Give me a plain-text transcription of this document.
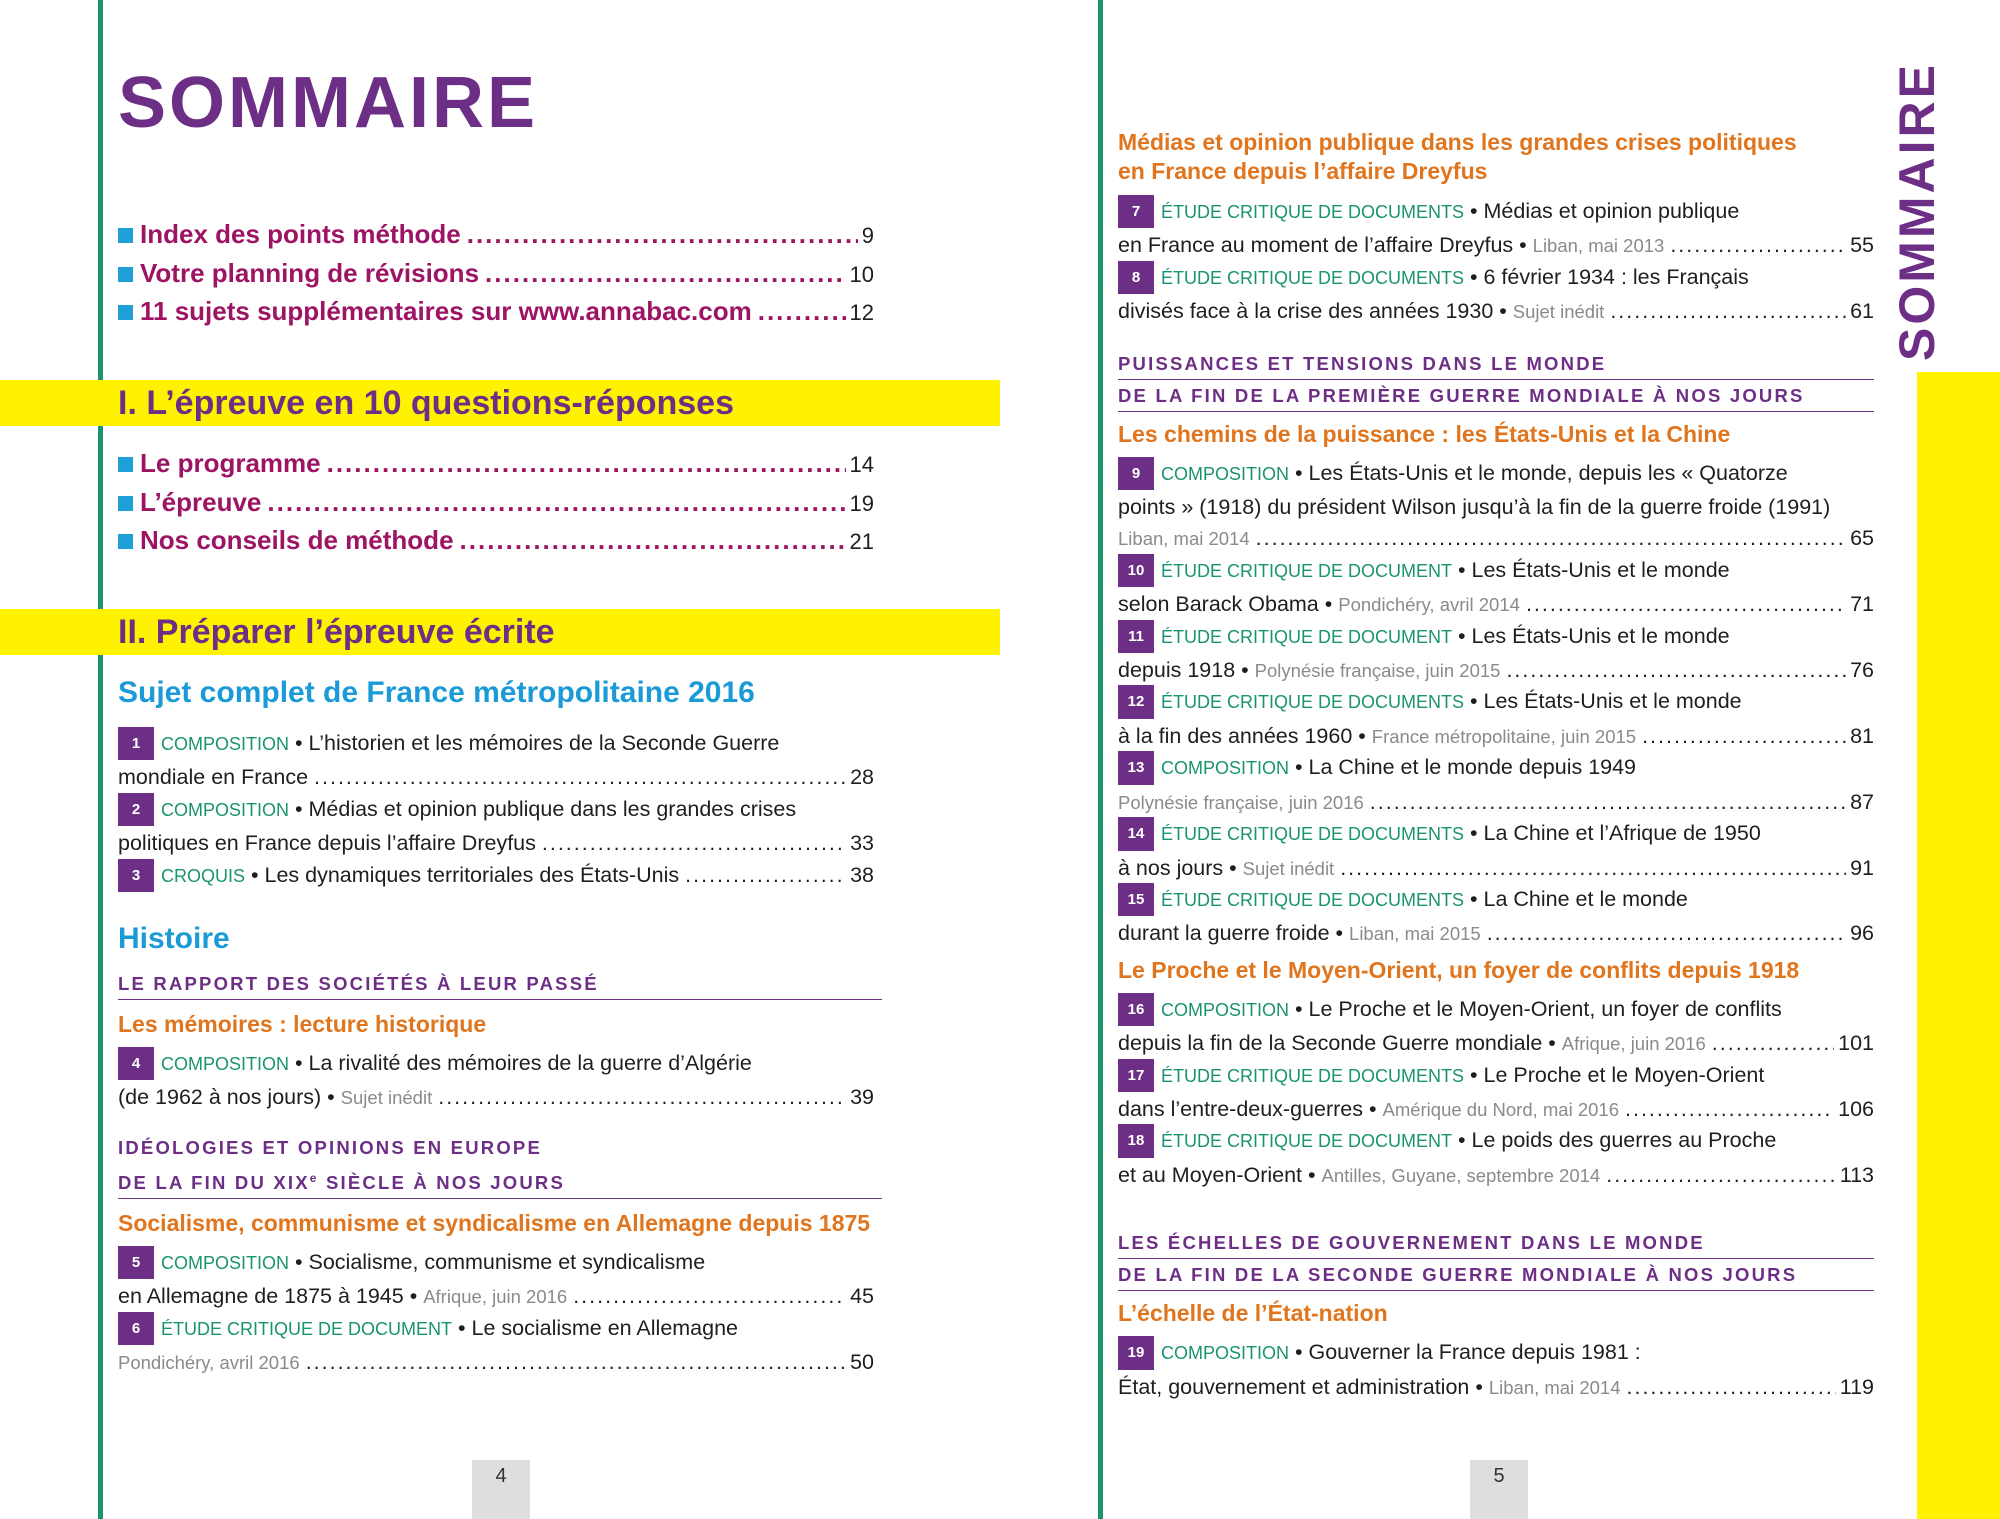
SOMMAIRE
Index des points méthode .....	9
Votre planning de révisions .....	10
11 sujets supplémentaires sur www.annabac.com .....	12
I. L’épreuve en 10 questions-réponses
Le programme .....	14
L’épreuve .....	19
Nos conseils de méthode .....	21
II. Préparer l’épreuve écrite
Sujet complet de France métropolitaine 2016
1	COMPOSITION • L’historien et les mémoires de la Seconde Guerre
mondiale en France .....	28
2	COMPOSITION • Médias et opinion publique dans les grandes crises
politiques en France depuis l’affaire Dreyfus .....	33
3	CROQUIS • Les dynamiques territoriales des États-Unis .....	38
Histoire
LE RAPPORT DES SOCIÉTÉS À LEUR PASSÉ
Les mémoires : lecture historique
4	COMPOSITION • La rivalité des mémoires de la guerre d’Algérie
(de 1962 à nos jours) • Sujet inédit .....	39
IDÉOLOGIES ET OPINIONS EN EUROPE
DE LA FIN DU XIXe SIÈCLE À NOS JOURS
Socialisme, communisme et syndicalisme en Allemagne depuis 1875
5	COMPOSITION • Socialisme, communisme et syndicalisme
en Allemagne de 1875 à 1945 • Afrique, juin 2016 .....	45
6	ÉTUDE CRITIQUE DE DOCUMENT • Le socialisme en Allemagne
Pondichéry, avril 2016 .....	50
4
Médias et opinion publique dans les grandes crises politiques
en France depuis l’affaire Dreyfus
7	ÉTUDE CRITIQUE DE DOCUMENTS • Médias et opinion publique
en France au moment de l’affaire Dreyfus • Liban, mai 2013 .....	55
8	ÉTUDE CRITIQUE DE DOCUMENTS • 6 février 1934 : les Français
divisés face à la crise des années 1930 • Sujet inédit .....	61
PUISSANCES ET TENSIONS DANS LE MONDE
DE LA FIN DE LA PREMIÈRE GUERRE MONDIALE À NOS JOURS
Les chemins de la puissance : les États-Unis et la Chine
9	COMPOSITION • Les États-Unis et le monde, depuis les « Quatorze
points » (1918) du président Wilson jusqu’à la fin de la guerre froide (1991)
Liban, mai 2014 .....	65
10 ÉTUDE CRITIQUE DE DOCUMENT • Les États-Unis et le monde
selon Barack Obama • Pondichéry, avril 2014 .....	71
11 ÉTUDE CRITIQUE DE DOCUMENT • Les États-Unis et le monde
depuis 1918 • Polynésie française, juin 2015 .....	76
12 ÉTUDE CRITIQUE DE DOCUMENTS • Les États-Unis et le monde
à la fin des années 1960 • France métropolitaine, juin 2015 .....	81
13 COMPOSITION • La Chine et le monde depuis 1949
Polynésie française, juin 2016 .....	87
14 ÉTUDE CRITIQUE DE DOCUMENTS • La Chine et l’Afrique de 1950
à nos jours • Sujet inédit .....	91
15 ÉTUDE CRITIQUE DE DOCUMENTS • La Chine et le monde
durant la guerre froide • Liban, mai 2015 .....	96
Le Proche et le Moyen-Orient, un foyer de conflits depuis 1918
16 COMPOSITION • Le Proche et le Moyen-Orient, un foyer de conflits
depuis la fin de la Seconde Guerre mondiale • Afrique, juin 2016 .....	101
17 ÉTUDE CRITIQUE DE DOCUMENTS • Le Proche et le Moyen-Orient
dans l’entre-deux-guerres • Amérique du Nord, mai 2016 .....	106
18 ÉTUDE CRITIQUE DE DOCUMENT • Le poids des guerres au Proche
et au Moyen-Orient • Antilles, Guyane, septembre 2014 .....	113
LES ÉCHELLES DE GOUVERNEMENT DANS LE MONDE
DE LA FIN DE LA SECONDE GUERRE MONDIALE À NOS JOURS
L’échelle de l’État-nation
19 COMPOSITION • Gouverner la France depuis 1981 :
État, gouvernement et administration • Liban, mai 2014 .....	119
5
SOMMAIRE
